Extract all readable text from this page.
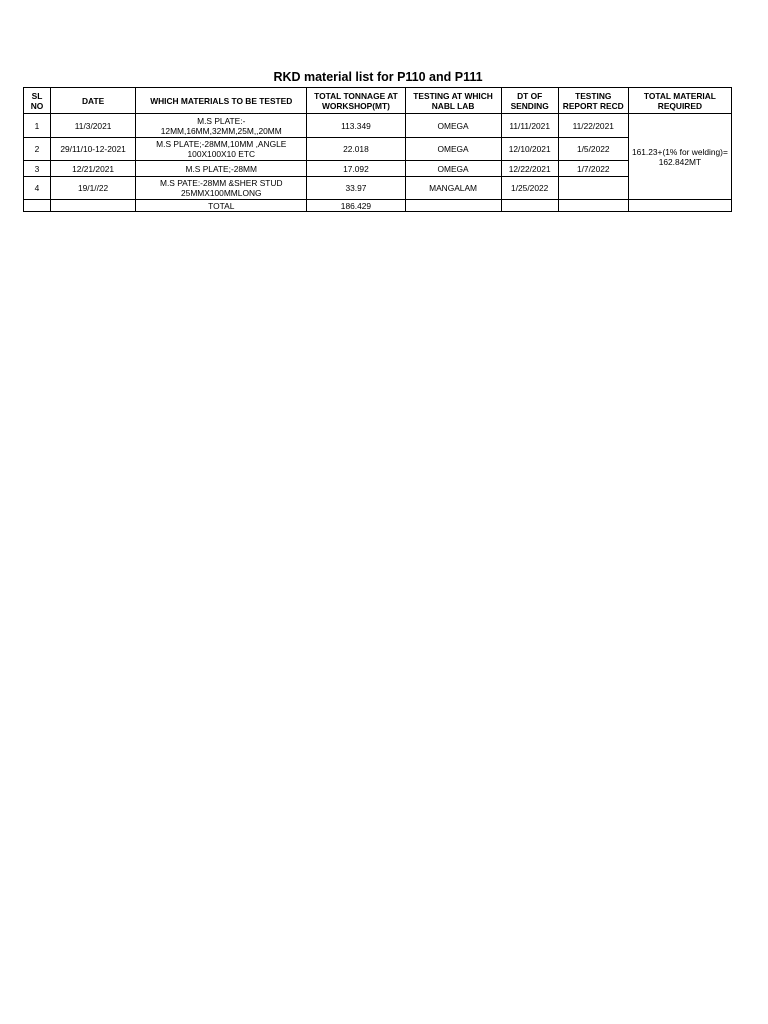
RKD material list for P110 and P111
SL NO	DATE	WHICH MATERIALS TO BE TESTED	TOTAL TONNAGE AT WORKSHOP(MT)	TESTING AT WHICH NABL LAB	DT OF SENDING	TESTING REPORT RECD	TOTAL MATERIAL REQUIRED
1	11/3/2021	M.S PLATE:- 12MM,16MM,32MM,25M,,20MM	113.349	OMEGA	11/11/2021	11/22/2021	161.23+(1% for welding)= 162.842MT
2	29/11/10-12-2021	M.S PLATE;-28MM,10MM ,ANGLE 100X100X10 ETC	22.018	OMEGA	12/10/2021	1/5/2022	
3	12/21/2021	M.S PLATE;-28MM	17.092	OMEGA	12/22/2021	1/7/2022	
4	19/1//22	M.S PATE:-28MM &SHER STUD 25MMX100MMLONG	33.97	MANGALAM	1/25/2022		
		TOTAL	186.429				
